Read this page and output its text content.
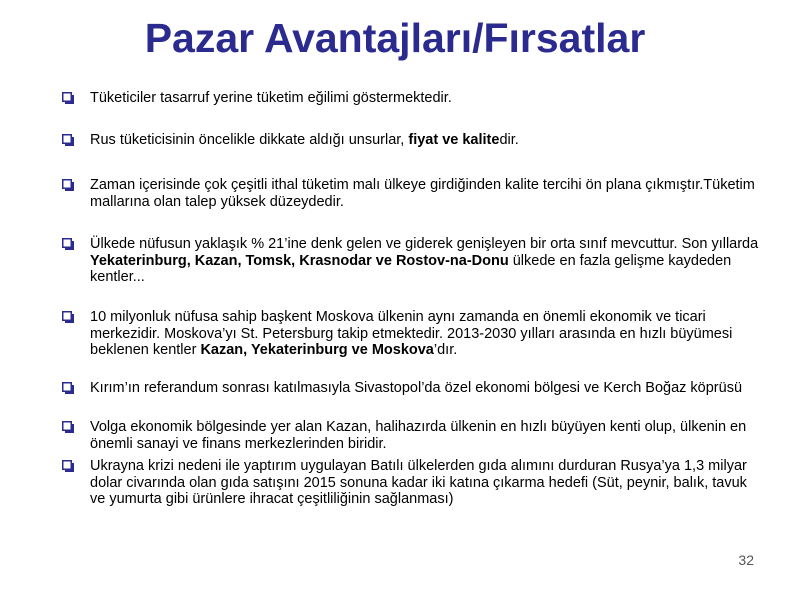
Pazar Avantajları/Fırsatlar
Tüketiciler tasarruf yerine tüketim eğilimi göstermektedir.
Rus tüketicisinin öncelikle dikkate aldığı unsurlar, fiyat ve kalitedir.
Zaman içerisinde çok çeşitli ithal tüketim malı ülkeye girdiğinden kalite tercihi ön plana çıkmıştır.Tüketim mallarına olan talep yüksek düzeydedir.
Ülkede nüfusun yaklaşık % 21’ine denk gelen ve giderek genişleyen bir orta sınıf mevcuttur. Son yıllarda Yekaterinburg, Kazan, Tomsk, Krasnodar ve Rostov-na-Donu ülkede en fazla gelişme kaydeden kentler...
10 milyonluk nüfusa sahip başkent Moskova ülkenin aynı zamanda en önemli ekonomik ve ticari merkezidir. Moskova’yı St. Petersburg takip etmektedir. 2013-2030 yılları arasında en hızlı büyümesi beklenen kentler Kazan, Yekaterinburg ve Moskova’dır.
Kırım’ın referandum sonrası katılmasıyla Sivastopol’da özel ekonomi bölgesi ve Kerch Boğaz köprüsü
Volga ekonomik bölgesinde yer alan Kazan, halihazırda ülkenin en hızlı büyüyen kenti olup, ülkenin en önemli sanayi ve finans merkezlerinden biridir.
Ukrayna krizi nedeni ile yaptırım uygulayan Batılı ülkelerden gıda alımını durduran Rusya’ya 1,3 milyar dolar civarında olan gıda satışını 2015 sonuna kadar iki katına çıkarma hedefi (Süt, peynir, balık, tavuk ve yumurta gibi ürünlere ihracat çeşitliliğinin sağlanması)
32
